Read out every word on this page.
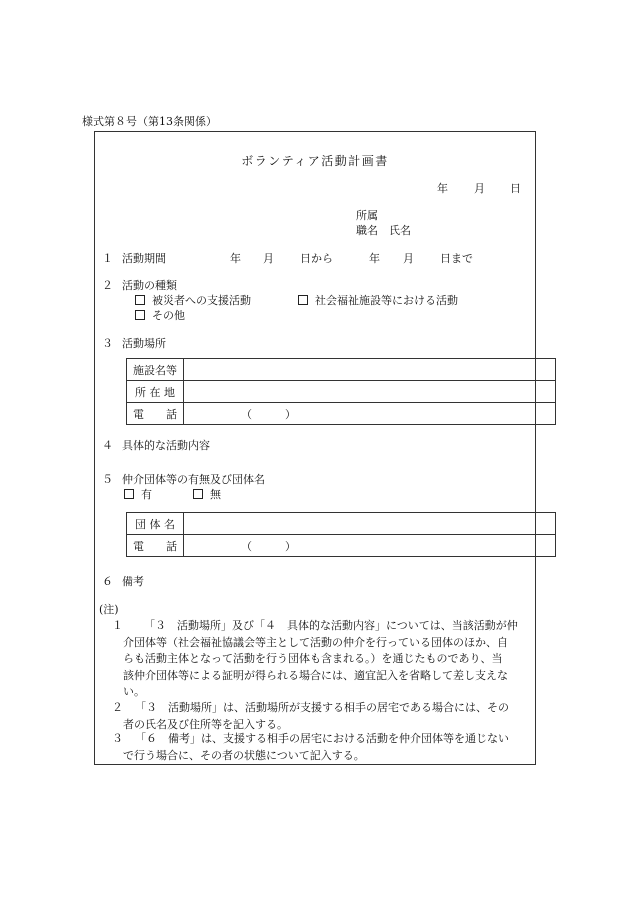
様式第８号（第13条関係）
ボランティア活動計画書
年 月 日
所属
職名　氏名
１ 活動期間	年 月 日から	年 月 日まで
２ 活動の種類
被災者への支援活動	社会福祉施設等における活動
その他
３ 活動場所
施設名等	
所 在 地	
電　　話	（　　　）
４ 具体的な活動内容
５ 仲介団体等の有無及び団体名
有	無
団 体 名	
電　　話	（　　　）
６ 備考
(注)
１ 「３　活動場所」及び「４　具体的な活動内容」については、当該活動が仲
介団体等（社会福祉協議会等主として活動の仲介を行っている団体のほか、自
らも活動主体となって活動を行う団体も含まれる。）を通じたものであり、当
該仲介団体等による証明が得られる場合には、適宜記入を省略して差し支えな
い。
２ 「３　活動場所」は、活動場所が支援する相手の居宅である場合には、その
者の氏名及び住所等を記入する。
３ 「６　備考」は、支援する相手の居宅における活動を仲介団体等を通じない
で行う場合に、その者の状態について記入する。
